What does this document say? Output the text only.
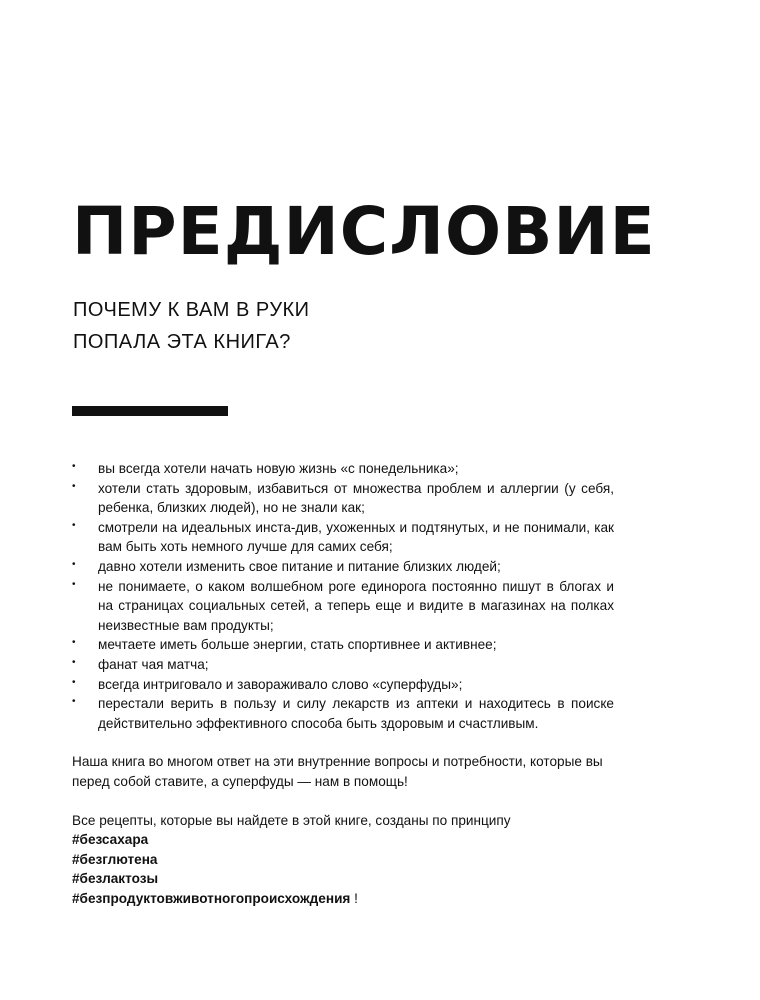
ПРЕДИСЛОВИЕ
ПОЧЕМУ К ВАМ В РУКИ
ПОПАЛА ЭТА КНИГА?
• вы всегда хотели начать новую жизнь «с понедельника»;
• хотели стать здоровым, избавиться от множества проблем и аллергии (у себя, ребенка, близких людей), но не знали как;
• смотрели на идеальных инста-див, ухоженных и подтянутых, и не понимали, как вам быть хоть немного лучше для самих себя;
• давно хотели изменить свое питание и питание близких людей;
• не понимаете, о каком волшебном роге единорога постоянно пишут в блогах и на страницах социальных сетей, а теперь еще и видите в магазинах на полках неизвестные вам продукты;
• мечтаете иметь больше энергии, стать спортивнее и активнее;
• фанат чая матча;
• всегда интриговало и завораживало слово «суперфуды»;
• перестали верить в пользу и силу лекарств из аптеки и находитесь в поиске действительно эффективного способа быть здоровым и счастливым.

Наша книга во многом ответ на эти внутренние вопросы и потребности, которые вы перед собой ставите, а суперфуды — нам в помощь!

Все рецепты, которые вы найдете в этой книге, созданы по принципу

#безсахара
#безглютена
#безлактозы
#безпродуктовживотногопроисхождения !
